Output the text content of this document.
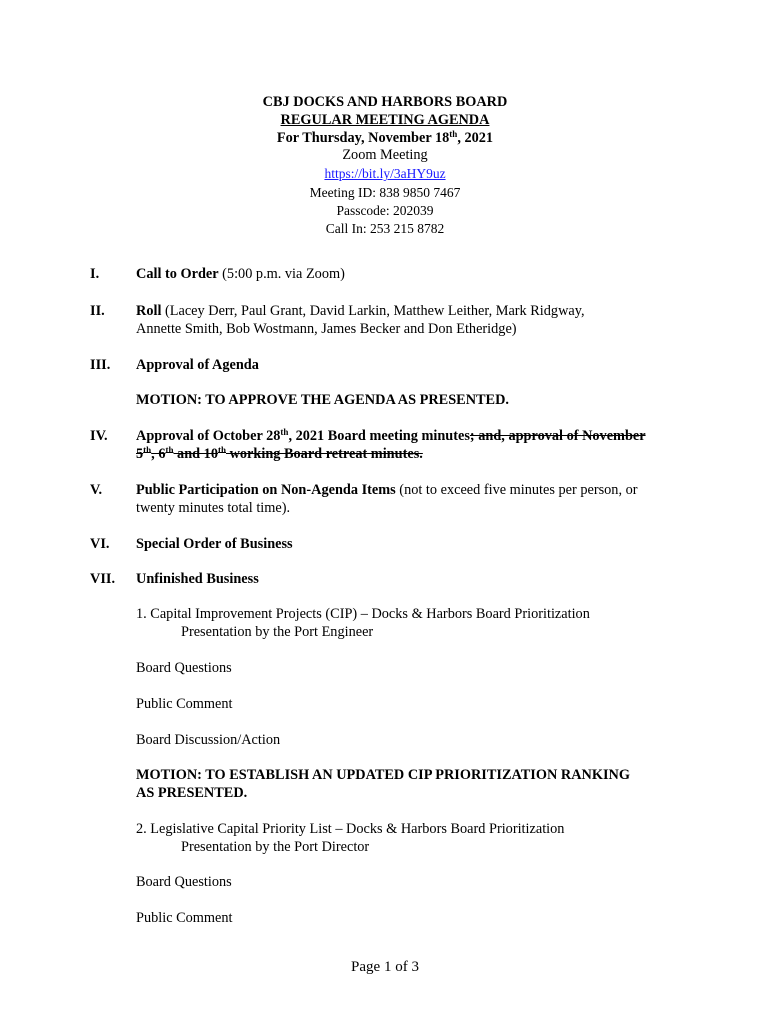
CBJ DOCKS AND HARBORS BOARD
REGULAR MEETING AGENDA
For Thursday, November 18th, 2021
Zoom Meeting
https://bit.ly/3aHY9uz
Meeting ID: 838 9850 7467
Passcode: 202039
Call In: 253 215 8782
I.	Call to Order (5:00 p.m. via Zoom)
II. Roll (Lacey Derr, Paul Grant, David Larkin, Matthew Leither, Mark Ridgway,
Annette Smith, Bob Wostmann, James Becker and Don Etheridge)
III. Approval of Agenda
MOTION: TO APPROVE THE AGENDA AS PRESENTED.
IV. Approval of October 28th, 2021 Board meeting minutes; and, approval of November
5th, 6th and 10th working Board retreat minutes.
V. Public Participation on Non-Agenda Items (not to exceed five minutes per person, or
twenty minutes total time).
VI. Special Order of Business
VII. Unfinished Business
1. Capital Improvement Projects (CIP) – Docks & Harbors Board Prioritization
Presentation by the Port Engineer
Board Questions
Public Comment
Board Discussion/Action
MOTION: TO ESTABLISH AN UPDATED CIP PRIORITIZATION RANKING
AS PRESENTED.
2. Legislative Capital Priority List – Docks & Harbors Board Prioritization
Presentation by the Port Director
Board Questions
Public Comment
Page 1 of 3
